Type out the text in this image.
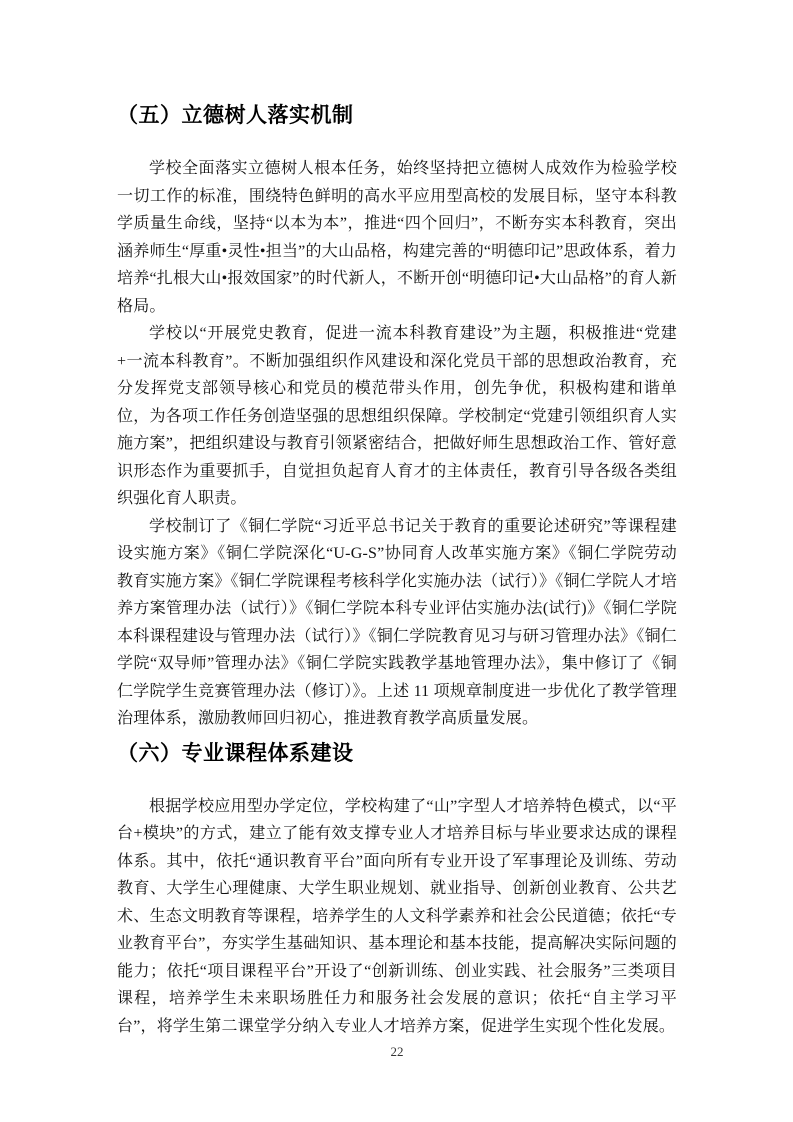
（五）立德树人落实机制

学校全面落实立德树人根本任务，始终坚持把立德树人成效作为检验学校一切工作的标准，围绕特色鲜明的高水平应用型高校的发展目标，坚守本科教学质量生命线，坚持“以本为本”，推进“四个回归”，不断夯实本科教育，突出涵养师生“厚重•灵性•担当”的大山品格，构建完善的“明德印记”思政体系，着力培养“扎根大山•报效国家”的时代新人，不断开创“明德印记•大山品格”的育人新格局。

学校以“开展党史教育，促进一流本科教育建设”为主题，积极推进“党建+一流本科教育”。不断加强组织作风建设和深化党员干部的思想政治教育，充分发挥党支部领导核心和党员的模范带头作用，创先争优，积极构建和谐单位，为各项工作任务创造坚强的思想组织保障。学校制定“党建引领组织育人实施方案”，把组织建设与教育引领紧密结合，把做好师生思想政治工作、管好意识形态作为重要抓手，自觉担负起育人育才的主体责任，教育引导各级各类组织强化育人职责。

学校制订了《铜仁学院“习近平总书记关于教育的重要论述研究”等课程建设实施方案》《铜仁学院深化“U-G-S”协同育人改革实施方案》《铜仁学院劳动教育实施方案》《铜仁学院课程考核科学化实施办法（试行）》《铜仁学院人才培养方案管理办法（试行）》《铜仁学院本科专业评估实施办法(试行)》《铜仁学院本科课程建设与管理办法（试行）》《铜仁学院教育见习与研习管理办法》《铜仁学院“双导师”管理办法》《铜仁学院实践教学基地管理办法》，集中修订了《铜仁学院学生竞赛管理办法（修订）》。上述 11 项规章制度进一步优化了教学管理治理体系，激励教师回归初心，推进教育教学高质量发展。

（六）专业课程体系建设

根据学校应用型办学定位，学校构建了“山”字型人才培养特色模式，以“平台+模块”的方式，建立了能有效支撑专业人才培养目标与毕业要求达成的课程体系。其中，依托“通识教育平台”面向所有专业开设了军事理论及训练、劳动教育、大学生心理健康、大学生职业规划、就业指导、创新创业教育、公共艺术、生态文明教育等课程，培养学生的人文科学素养和社会公民道德；依托“专业教育平台”，夯实学生基础知识、基本理论和基本技能，提高解决实际问题的能力；依托“项目课程平台”开设了“创新训练、创业实践、社会服务”三类项目课程，培养学生未来职场胜任力和服务社会发展的意识；依托“自主学习平台”，将学生第二课堂学分纳入专业人才培养方案，促进学生实现个性化发展。

22
